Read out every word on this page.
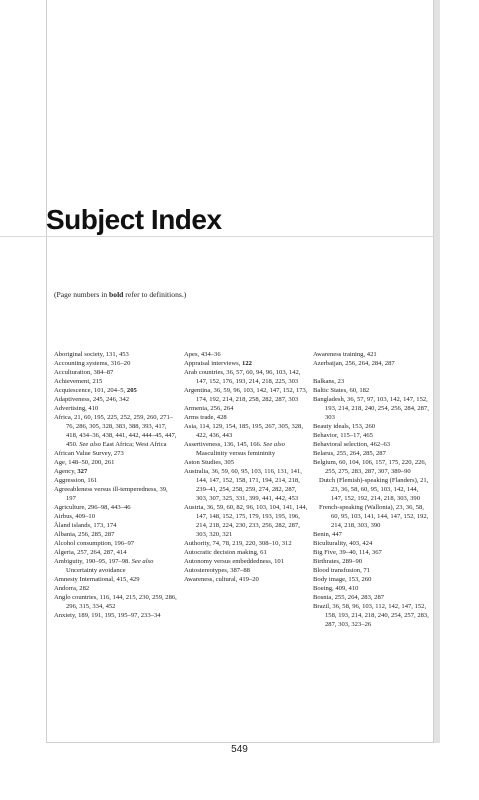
Subject Index
(Page numbers in bold refer to definitions.)
Aboriginal society, 131, 453
Accounting systems, 316–20
Acculturation, 384–87
Achievement, 215
Acquiescence, 101, 204–5, 205
Adaptiveness, 245, 246, 342
Advertising, 410
Africa, 21, 60, 195, 225, 252, 259, 260, 271–76, 286, 305, 328, 383, 388, 393, 417, 418, 434–36, 438, 441, 442, 444–45, 447, 450. See also East Africa; West Africa
African Value Survey, 273
Age, 148–50, 200, 261
Agency, 327
Aggression, 161
Agreeableness versus ill-temperedness, 39, 197
Agriculture, 296–98, 443–46
Airbus, 409–10
Åland islands, 173, 174
Albania, 256, 285, 287
Alcohol consumption, 196–97
Algeria, 257, 264, 287, 414
Ambiguity, 190–95, 197–98. See also Uncertainty avoidance
Amnesty International, 415, 429
Andorra, 282
Anglo countries, 116, 144, 215, 230, 259, 286, 296, 315, 334, 452
Anxiety, 189, 191, 195, 195–97, 233–34
Apes, 434–36
Appraisal interviews, 122
Arab countries, 36, 57, 60, 94, 96, 103, 142, 147, 152, 176, 193, 214, 218, 225, 303
Argentina, 36, 59, 96, 103, 142, 147, 152, 173, 174, 192, 214, 218, 258, 282, 287, 303
Armenia, 256, 264
Arms trade, 428
Asia, 114, 129, 154, 185, 195, 267, 305, 328, 422, 436, 443
Assertiveness, 136, 145, 166. See also Masculinity versus femininity
Aston Studies, 305
Australia, 36, 59, 60, 95, 103, 116, 131, 141, 144, 147, 152, 158, 171, 194, 214, 218, 239–41, 254, 258, 259, 274, 282, 287, 303, 307, 325, 331, 399, 441, 442, 453
Austria, 36, 59, 60, 82, 96, 103, 104, 141, 144, 147, 148, 152, 175, 179, 193, 195, 196, 214, 218, 224, 230, 233, 256, 282, 287, 303, 320, 321
Authority, 74, 78, 219, 220, 308–10, 312
Autocratic decision making, 61
Autonomy versus embeddedness, 101
Autostereotypes, 387–88
Awareness, cultural, 419–20
Awareness training, 421
Azerbaijan, 256, 264, 284, 287
Balkans, 23
Baltic States, 60, 182
Bangladesh, 36, 57, 97, 103, 142, 147, 152, 193, 214, 218, 240, 254, 256, 284, 287, 303
Beauty ideals, 153, 260
Behavior, 115–17, 465
Behavioral selection, 462–63
Belarus, 255, 264, 285, 287
Belgium, 60, 104, 106, 157, 175, 220, 226, 255, 275, 283, 287, 307, 389–90
Dutch (Flemish)-speaking (Flanders), 21, 23, 36, 58, 60, 95, 103, 142, 144, 147, 152, 192, 214, 218, 303, 390
French-speaking (Wallonia), 23, 36, 58, 60, 95, 103, 141, 144, 147, 152, 192, 214, 218, 303, 390
Benin, 447
Biculturality, 403, 424
Big Five, 39–40, 114, 367
Birthrates, 289–90
Blood transfusion, 71
Body image, 153, 260
Boeing, 409, 410
Bosnia, 255, 264, 283, 287
Brazil, 36, 58, 96, 103, 112, 142, 147, 152, 158, 193, 214, 218, 240, 254, 257, 283, 287, 303, 323–26
549
